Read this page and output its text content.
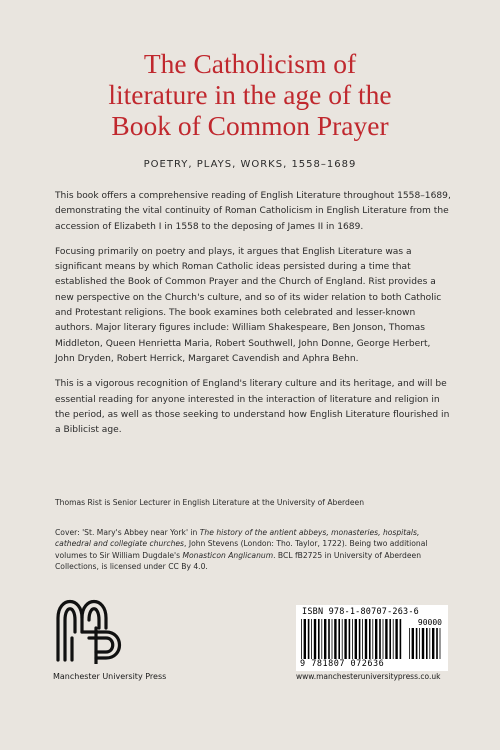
The Catholicism of
literature in the age of the
Book of Common Prayer
POETRY, PLAYS, WORKS, 1558–1689

This book offers a comprehensive reading of English Literature throughout 1558–1689, demonstrating the vital continuity of Roman Catholicism in English Literature from the accession of Elizabeth I in 1558 to the deposing of James II in 1689.

Focusing primarily on poetry and plays, it argues that English Literature was a significant means by which Roman Catholic ideas persisted during a time that established the Book of Common Prayer and the Church of England. Rist provides a new perspective on the Church's culture, and so of its wider relation to both Catholic and Protestant religions. The book examines both celebrated and lesser-known authors. Major literary figures include: William Shakespeare, Ben Jonson, Thomas Middleton, Queen Henrietta Maria, Robert Southwell, John Donne, George Herbert, John Dryden, Robert Herrick, Margaret Cavendish and Aphra Behn.

This is a vigorous recognition of England's literary culture and its heritage, and will be essential reading for anyone interested in the interaction of literature and religion in the period, as well as those seeking to understand how English Literature flourished in a Biblicist age.

Thomas Rist is Senior Lecturer in English Literature at the University of Aberdeen
Cover: 'St. Mary's Abbey near York' in The history of the antient abbeys, monasteries, hospitals, cathedral and collegiate churches, John Stevens (London: Tho. Taylor, 1722). Being two additional volumes to Sir William Dugdale's Monasticon Anglicanum. BCL fB2725 in University of Aberdeen Collections, is licensed under CC By 4.0.
Manchester University Press
ISBN 978-1-80707-263-6
90000
9 781807 072636
www.manchesteruniversitypress.co.uk
